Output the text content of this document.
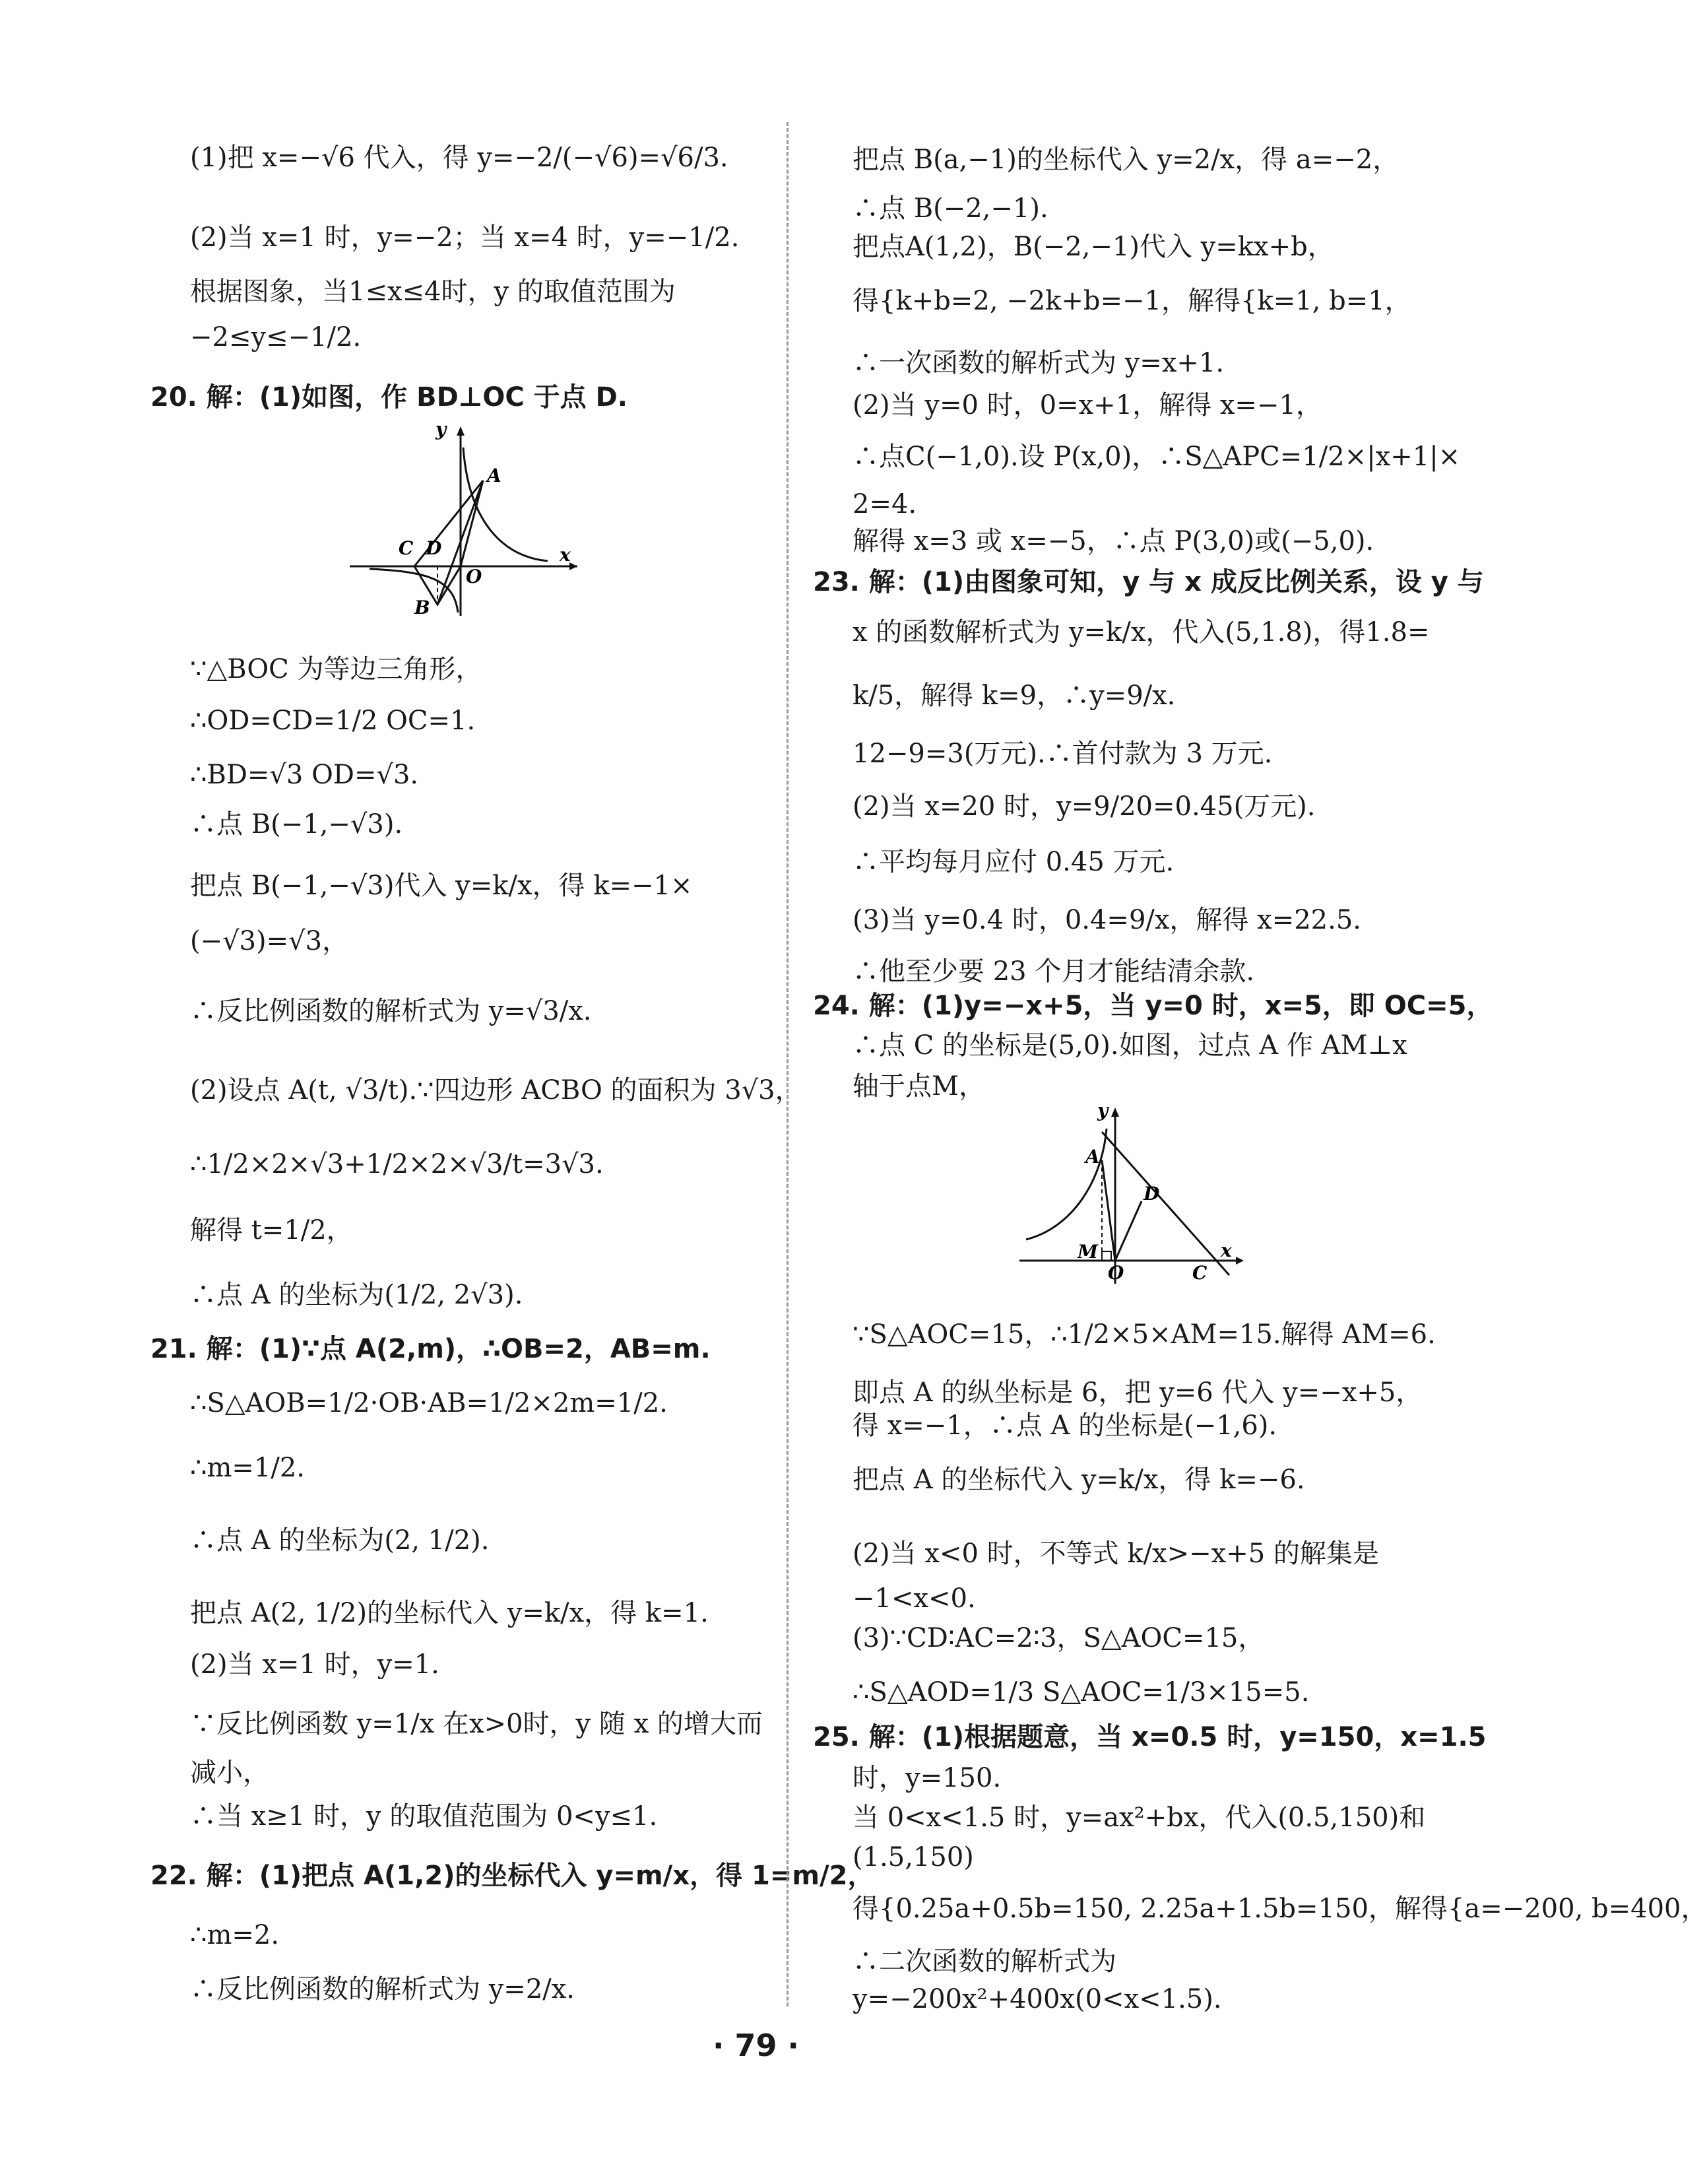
(1)把 x=−√6 代入，得 y=−2/(−√6)=√6/3.
(2)当 x=1 时，y=−2；当 x=4 时，y=−1/2.
根据图象，当1≤x≤4时，y 的取值范围为
−2≤y≤−1/2.
20. 解：(1)如图，作 BD⊥OC 于点 D.
y
x
A
C D
O
B
∵△BOC 为等边三角形，
∴OD=CD=1/2 OC=1.
∴BD=√3 OD=√3.
∴点 B(−1,−√3).
把点 B(−1,−√3)代入 y=k/x，得 k=−1×
(−√3)=√3，
∴反比例函数的解析式为 y=√3/x.
(2)设点 A(t, √3/t).∵四边形 ACBO 的面积为 3√3，
∴1/2×2×√3+1/2×2×√3/t=3√3.
解得 t=1/2，
∴点 A 的坐标为(1/2, 2√3).
21. 解：(1)∵点 A(2,m)，∴OB=2，AB=m.
∴S△AOB=1/2·OB·AB=1/2×2m=1/2.
∴m=1/2.
∴点 A 的坐标为(2, 1/2).
把点 A(2, 1/2)的坐标代入 y=k/x，得 k=1.
(2)当 x=1 时，y=1.
∵反比例函数 y=1/x 在x>0时，y 随 x 的增大而
减小，
∴当 x≥1 时，y 的取值范围为 0<y≤1.
22. 解：(1)把点 A(1,2)的坐标代入 y=m/x，得 1=m/2，
∴m=2.
∴反比例函数的解析式为 y=2/x.
把点 B(a,−1)的坐标代入 y=2/x，得 a=−2，
∴点 B(−2,−1).
把点A(1,2)，B(−2,−1)代入 y=kx+b，
得{k+b=2, −2k+b=−1，解得{k=1, b=1，
∴一次函数的解析式为 y=x+1.
(2)当 y=0 时，0=x+1，解得 x=−1，
∴点C(−1,0).设 P(x,0)，∴S△APC=1/2×|x+1|×
2=4.
解得 x=3 或 x=−5，∴点 P(3,0)或(−5,0).
23. 解：(1)由图象可知，y 与 x 成反比例关系，设 y 与
x 的函数解析式为 y=k/x，代入(5,1.8)，得1.8=
k/5，解得 k=9，∴y=9/x.
12−9=3(万元).∴首付款为 3 万元.
(2)当 x=20 时，y=9/20=0.45(万元).
∴平均每月应付 0.45 万元.
(3)当 y=0.4 时，0.4=9/x，解得 x=22.5.
∴他至少要 23 个月才能结清余款.
24. 解：(1)y=−x+5，当 y=0 时，x=5，即 OC=5，
∴点 C 的坐标是(5,0).如图，过点 A 作 AM⊥x
轴于点M，
y
x
A
D
M
O	C
∵S△AOC=15，∴1/2×5×AM=15.解得 AM=6.
即点 A 的纵坐标是 6，把 y=6 代入 y=−x+5，
得 x=−1，∴点 A 的坐标是(−1,6).
把点 A 的坐标代入 y=k/x，得 k=−6.
(2)当 x<0 时，不等式 k/x>−x+5 的解集是
−1<x<0.
(3)∵CD∶AC=2∶3，S△AOC=15，
∴S△AOD=1/3 S△AOC=1/3×15=5.
25. 解：(1)根据题意，当 x=0.5 时，y=150，x=1.5
时，y=150.
当 0<x<1.5 时，y=ax²+bx，代入(0.5,150)和
(1.5,150)
得{0.25a+0.5b=150, 2.25a+1.5b=150，解得{a=−200, b=400，
∴二次函数的解析式为
y=−200x²+400x(0<x<1.5).
· 79 ·
